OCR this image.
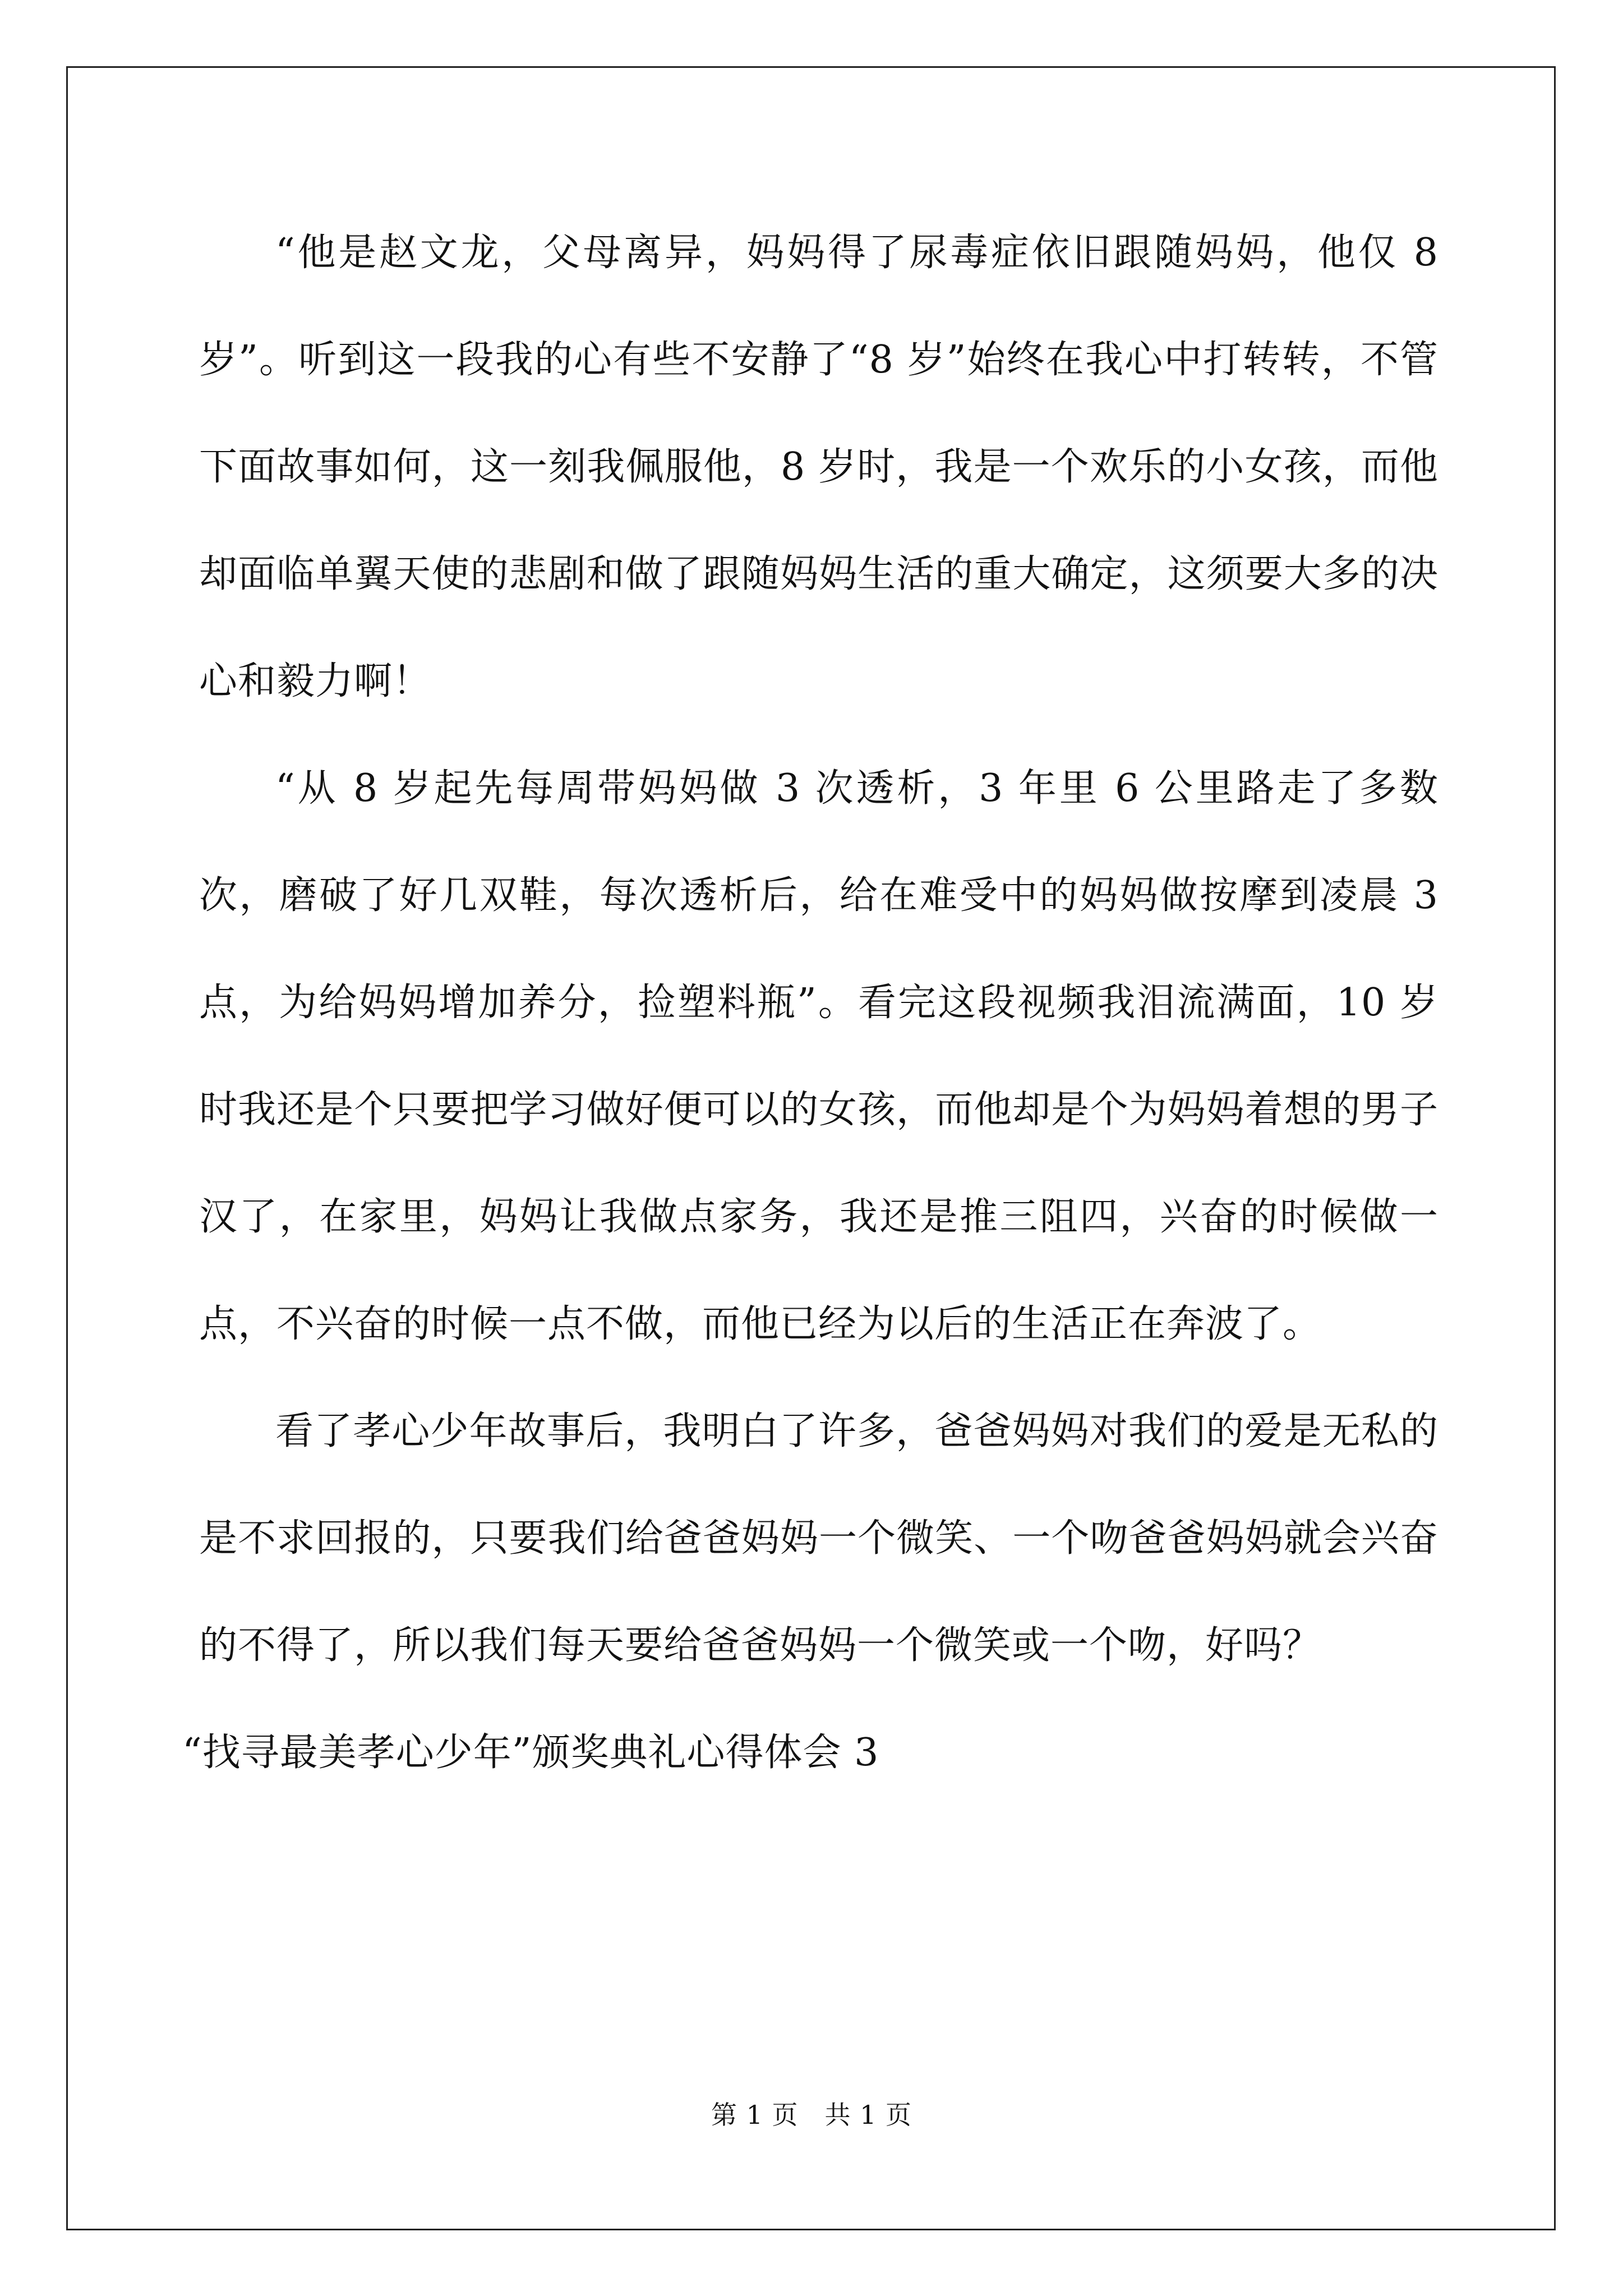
“他是赵文龙，父母离异，妈妈得了尿毒症依旧跟随妈妈，他仅 8 岁”。听到这一段我的心有些不安静了“8 岁”始终在我心中打转转，不管下面故事如何，这一刻我佩服他，8 岁时，我是一个欢乐的小女孩，而他却面临单翼天使的悲剧和做了跟随妈妈生活的重大确定，这须要大多的决心和毅力啊！

“从 8 岁起先每周带妈妈做 3 次透析，3 年里 6 公里路走了多数次，磨破了好几双鞋，每次透析后，给在难受中的妈妈做按摩到凌晨 3 点，为给妈妈增加养分，捡塑料瓶”。看完这段视频我泪流满面，10 岁时我还是个只要把学习做好便可以的女孩，而他却是个为妈妈着想的男子汉了，在家里，妈妈让我做点家务，我还是推三阻四，兴奋的时候做一点，不兴奋的时候一点不做，而他已经为以后的生活正在奔波了。

看了孝心少年故事后，我明白了许多，爸爸妈妈对我们的爱是无私的是不求回报的，只要我们给爸爸妈妈一个微笑、一个吻爸爸妈妈就会兴奋的不得了，所以我们每天要给爸爸妈妈一个微笑或一个吻，好吗？

“找寻最美孝心少年”颁奖典礼心得体会 3

第 1 页　共 1 页
